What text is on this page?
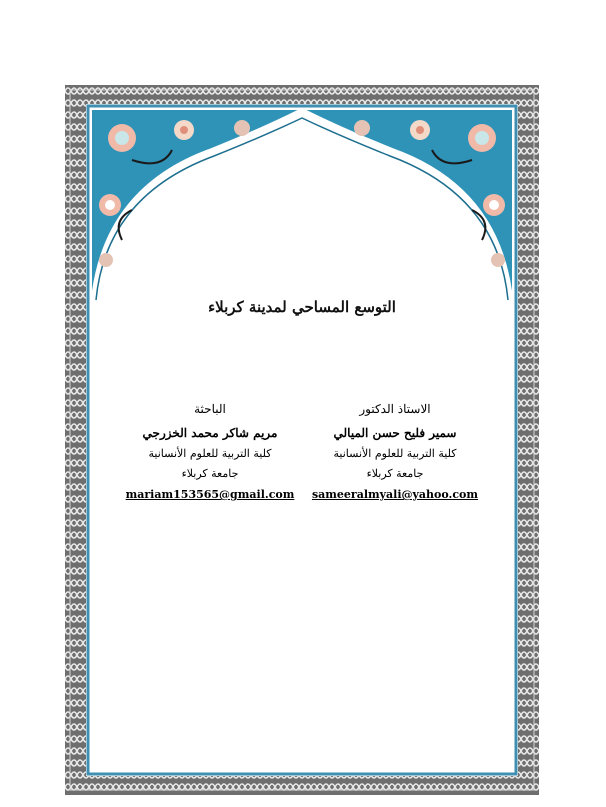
التوسع المساحي لمدينة كربلاء
الاستاذ الدكتور
سمير فليح حسن الميالي
كلية التربية للعلوم الأنسانية
جامعة كربلاء
sameeralmyali@yahoo.com
الباحثة
مريم شاكر محمد الخزرجي
كلية التربية للعلوم الأنسانية
جامعة كربلاء
mariam153565@gmail.com
